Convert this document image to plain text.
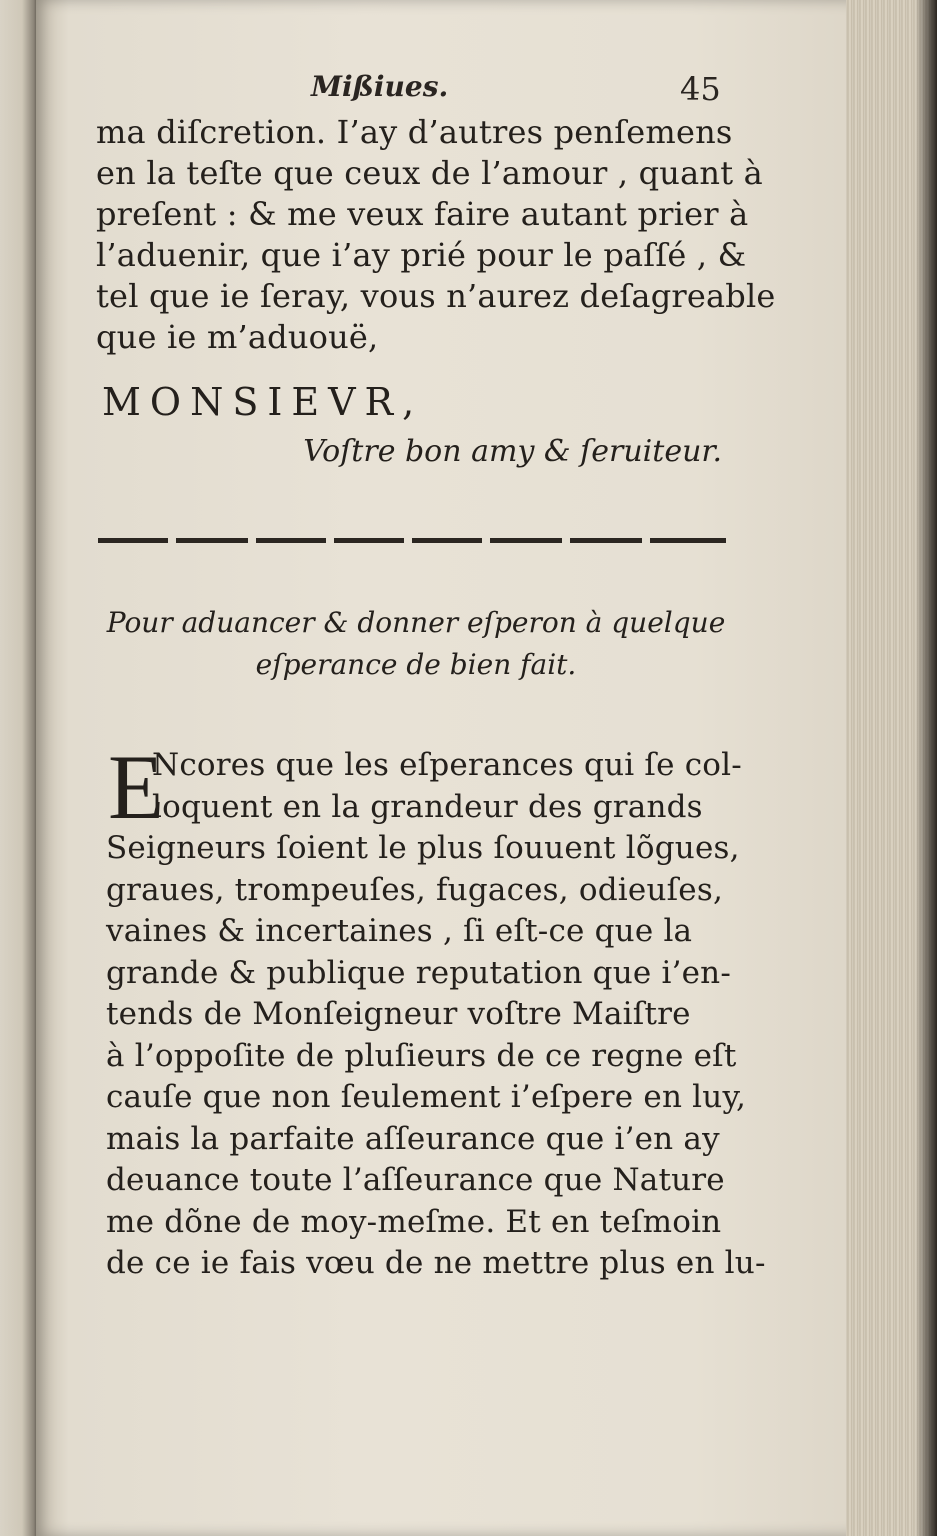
Mißiues.	45
ma diſcretion. I’ay d’autres penſemens
en la teſte que ceux de l’amour , quant à
preſent : & me veux faire autant prier à
l’aduenir, que i’ay prié pour le paſſé , &
tel que ie ſeray, vous n’aurez deſagreable
que ie m’aduouë,
MONSIEVR,
Voſtre bon amy & ſeruiteur.
Pour aduancer & donner eſperon à quelque
eſperance de bien fait.
E
Ncores que les eſperances qui ſe col-
loquent en la grandeur des grands
Seigneurs ſoient le plus ſouuent lõgues,
graues, trompeuſes, fugaces, odieuſes,
vaines & incertaines , ſi eſt-ce que la
grande & publique reputation que i’en-
tends de Monſeigneur voſtre Maiſtre
à l’oppoſite de pluſieurs de ce regne eſt
cauſe que non ſeulement i’eſpere en luy,
mais la parfaite aſſeurance que i’en ay
deuance toute l’aſſeurance que Nature
me dõne de moy-meſme. Et en teſmoin
de ce ie fais vœu de ne mettre plus en lu-
